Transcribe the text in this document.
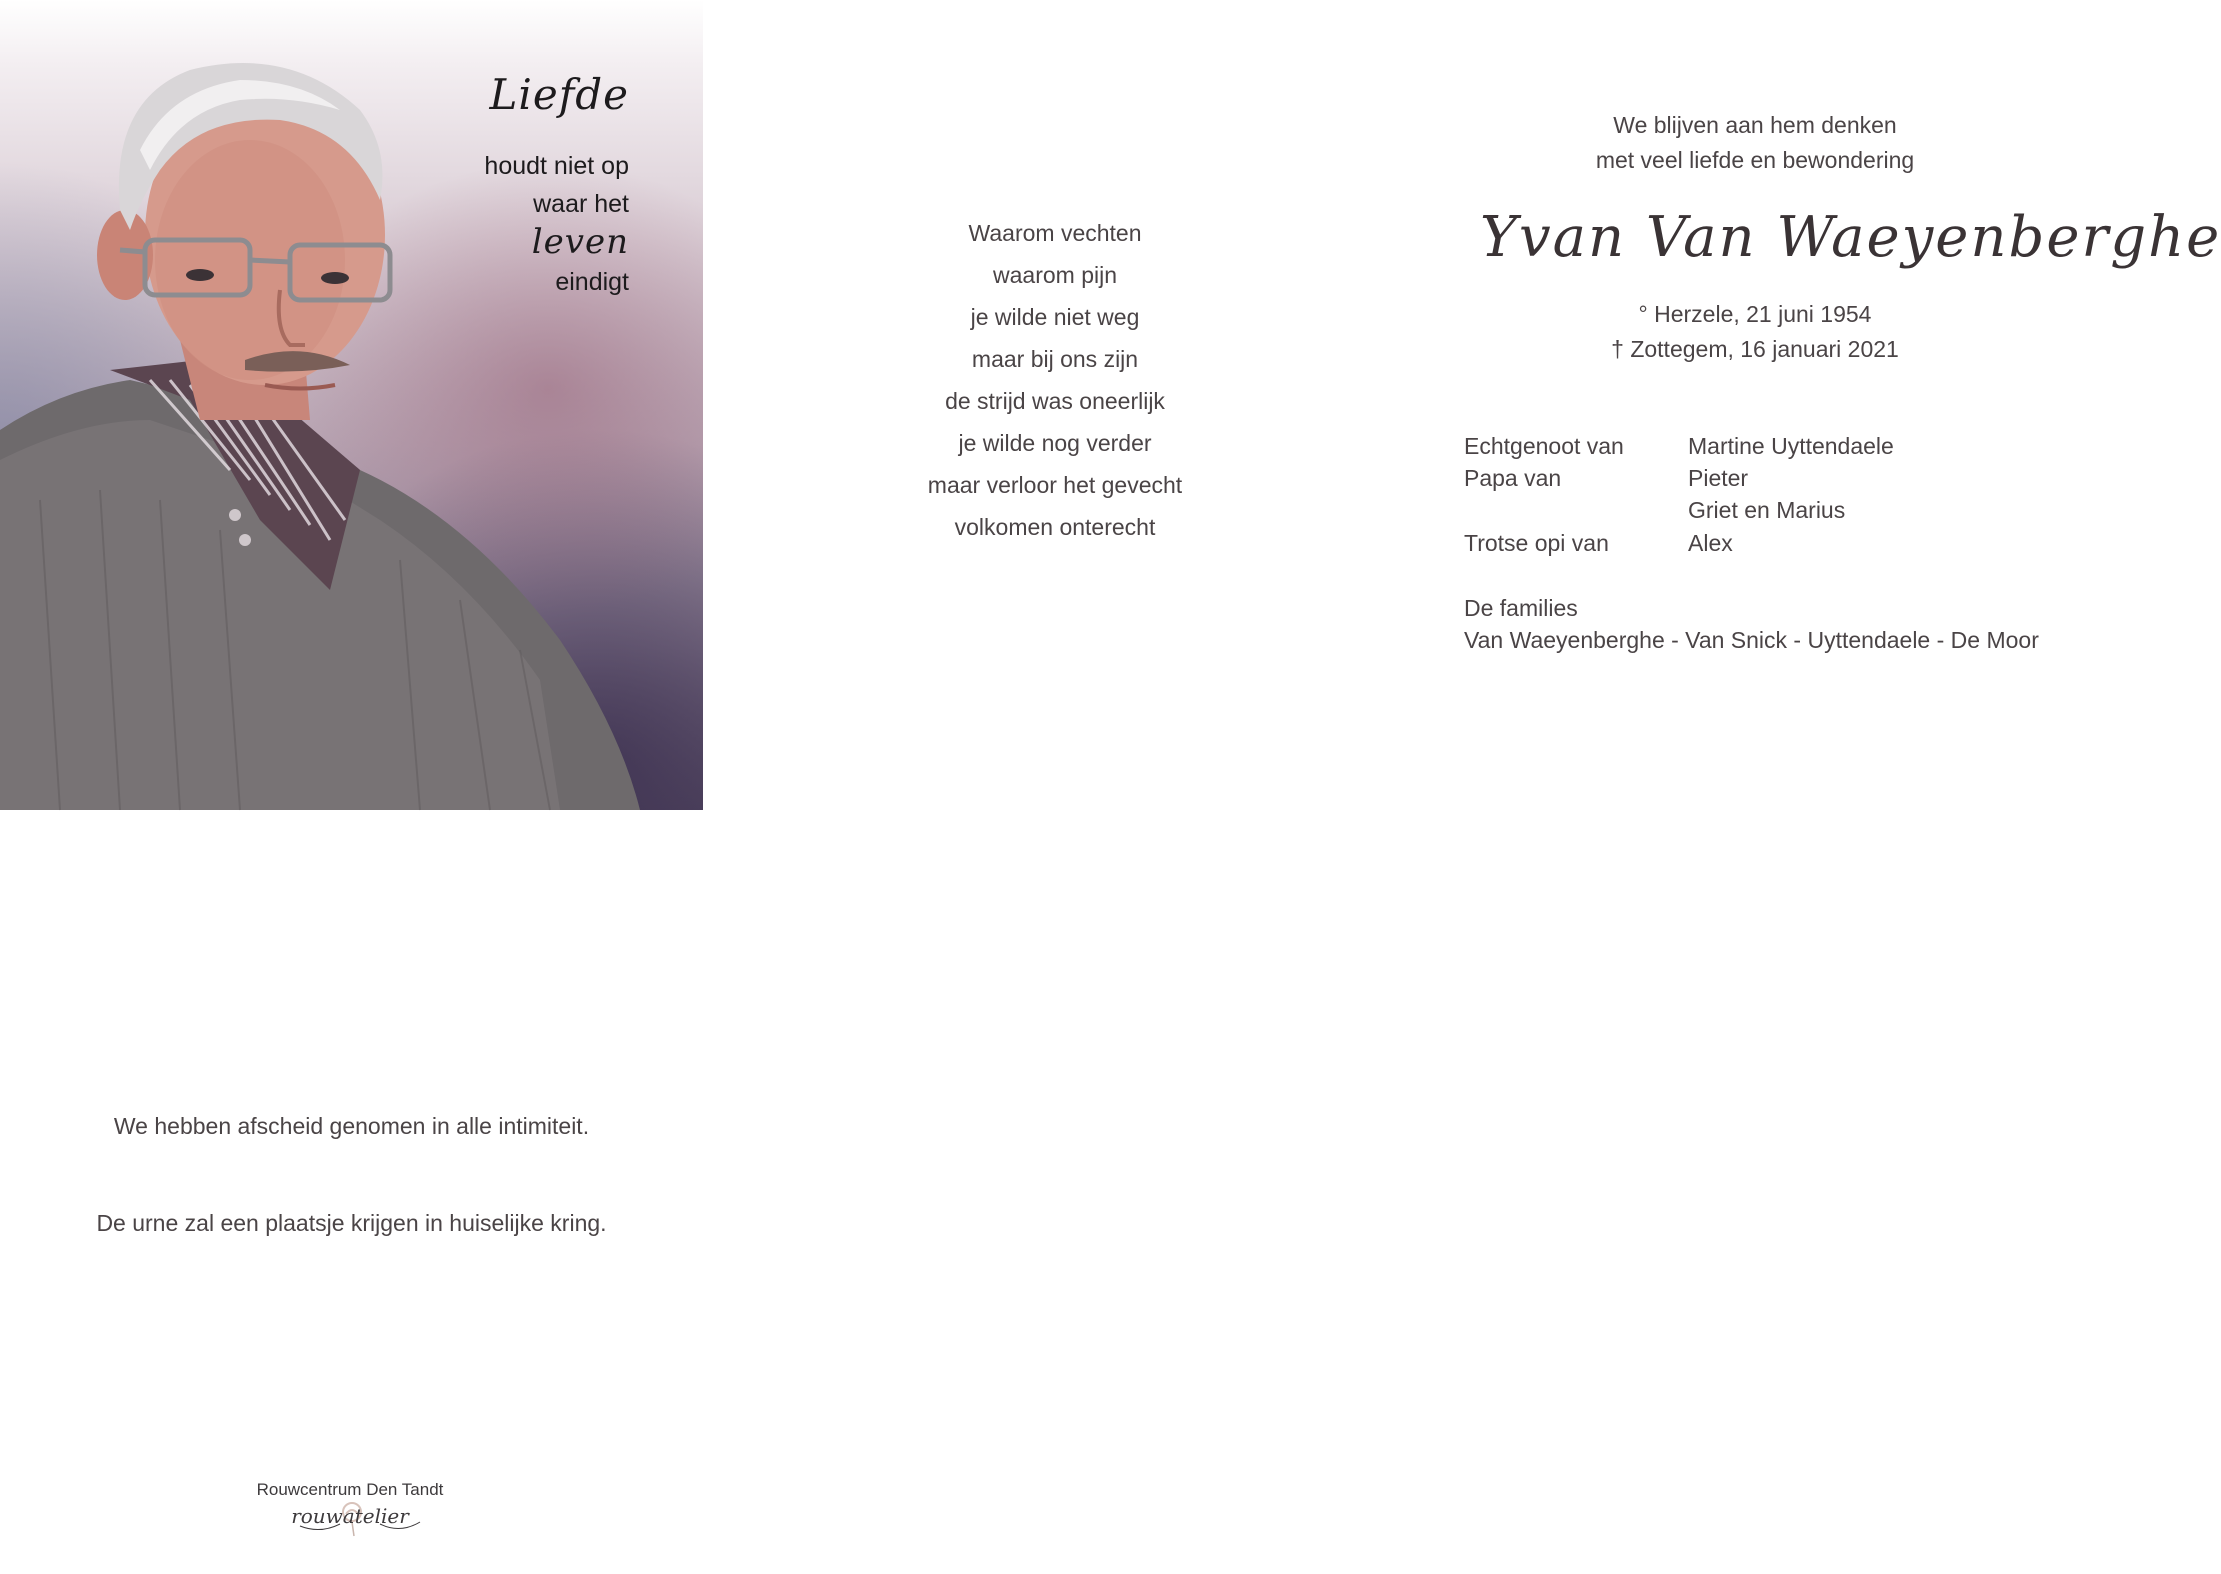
Liefde
houdt niet op
waar het
leven
eindigt
Waarom vechten
waarom pijn
je wilde niet weg
maar bij ons zijn
de strijd was oneerlijk
je wilde nog verder
maar verloor het gevecht
volkomen onterecht
We blijven aan hem denken
met veel liefde en bewondering
Yvan Van Waeyenberghe
° Herzele, 21 juni 1954
† Zottegem, 16 januari 2021
Echtgenoot van	Martine Uyttendaele
Papa van	Pieter
Griet en Marius
Trotse opi van	Alex
De families
Van Waeyenberghe - Van Snick - Uyttendaele - De Moor
We hebben afscheid genomen in alle intimiteit.
De urne zal een plaatsje krijgen in huiselijke kring.
Rouwcentrum Den Tandt
rouwatelier
